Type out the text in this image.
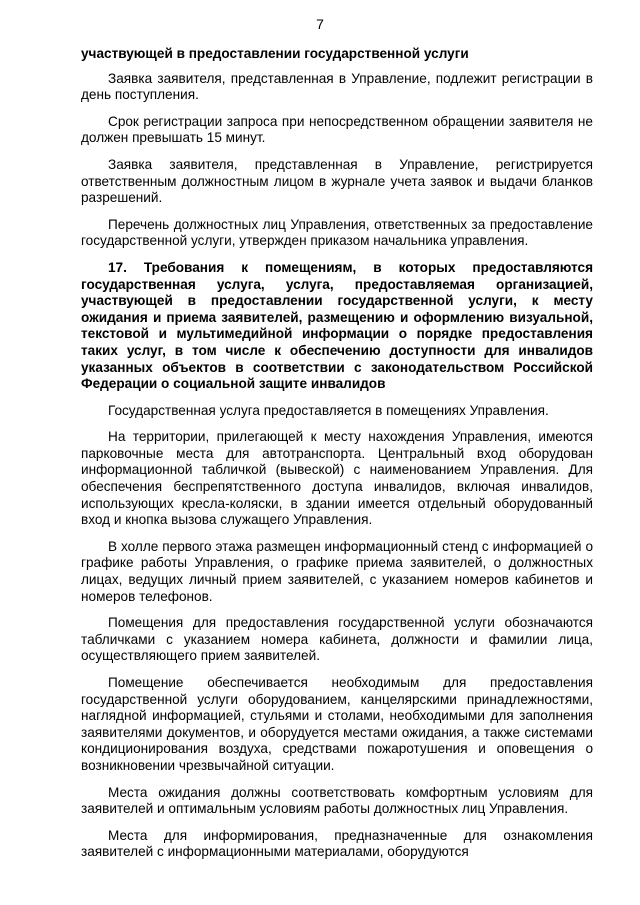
7

участвующей в предоставлении государственной услуги

Заявка заявителя, представленная в Управление, подлежит регистрации в день поступления.

Срок регистрации запроса при непосредственном обращении заявителя не должен превышать 15 минут.

Заявка заявителя, представленная в Управление, регистрируется ответственным должностным лицом в журнале учета заявок и выдачи бланков разрешений.

Перечень должностных лиц Управления, ответственных за предоставление государственной услуги, утвержден приказом начальника управления.

17. Требования к помещениям, в которых предоставляются государственная услуга, услуга, предоставляемая организацией, участвующей в предоставлении государственной услуги, к месту ожидания и приема заявителей, размещению и оформлению визуальной, текстовой и мультимедийной информации о порядке предоставления таких услуг, в том числе к обеспечению доступности для инвалидов указанных объектов в соответствии с законодательством Российской Федерации о социальной защите инвалидов

Государственная услуга предоставляется в помещениях Управления.

На территории, прилегающей к месту нахождения Управления, имеются парковочные места для автотранспорта. Центральный вход оборудован информационной табличкой (вывеской) с наименованием Управления. Для обеспечения беспрепятственного доступа инвалидов, включая инвалидов, использующих кресла-коляски, в здании имеется отдельный оборудованный вход и кнопка вызова служащего Управления.

В холле первого этажа размещен информационный стенд с информацией о графике работы Управления, о графике приема заявителей, о должностных лицах, ведущих личный прием заявителей, с указанием номеров кабинетов и номеров телефонов.

Помещения для предоставления государственной услуги обозначаются табличками с указанием номера кабинета, должности и фамилии лица, осуществляющего прием заявителей.

Помещение обеспечивается необходимым для предоставления государственной услуги оборудованием, канцелярскими принадлежностями, наглядной информацией, стульями и столами, необходимыми для заполнения заявителями документов, и оборудуется местами ожидания, а также системами кондиционирования воздуха, средствами пожаротушения и оповещения о возникновении чрезвычайной ситуации.

Места ожидания должны соответствовать комфортным условиям для заявителей и оптимальным условиям работы должностных лиц Управления.

Места для информирования, предназначенные для ознакомления заявителей с информационными материалами, оборудуются
